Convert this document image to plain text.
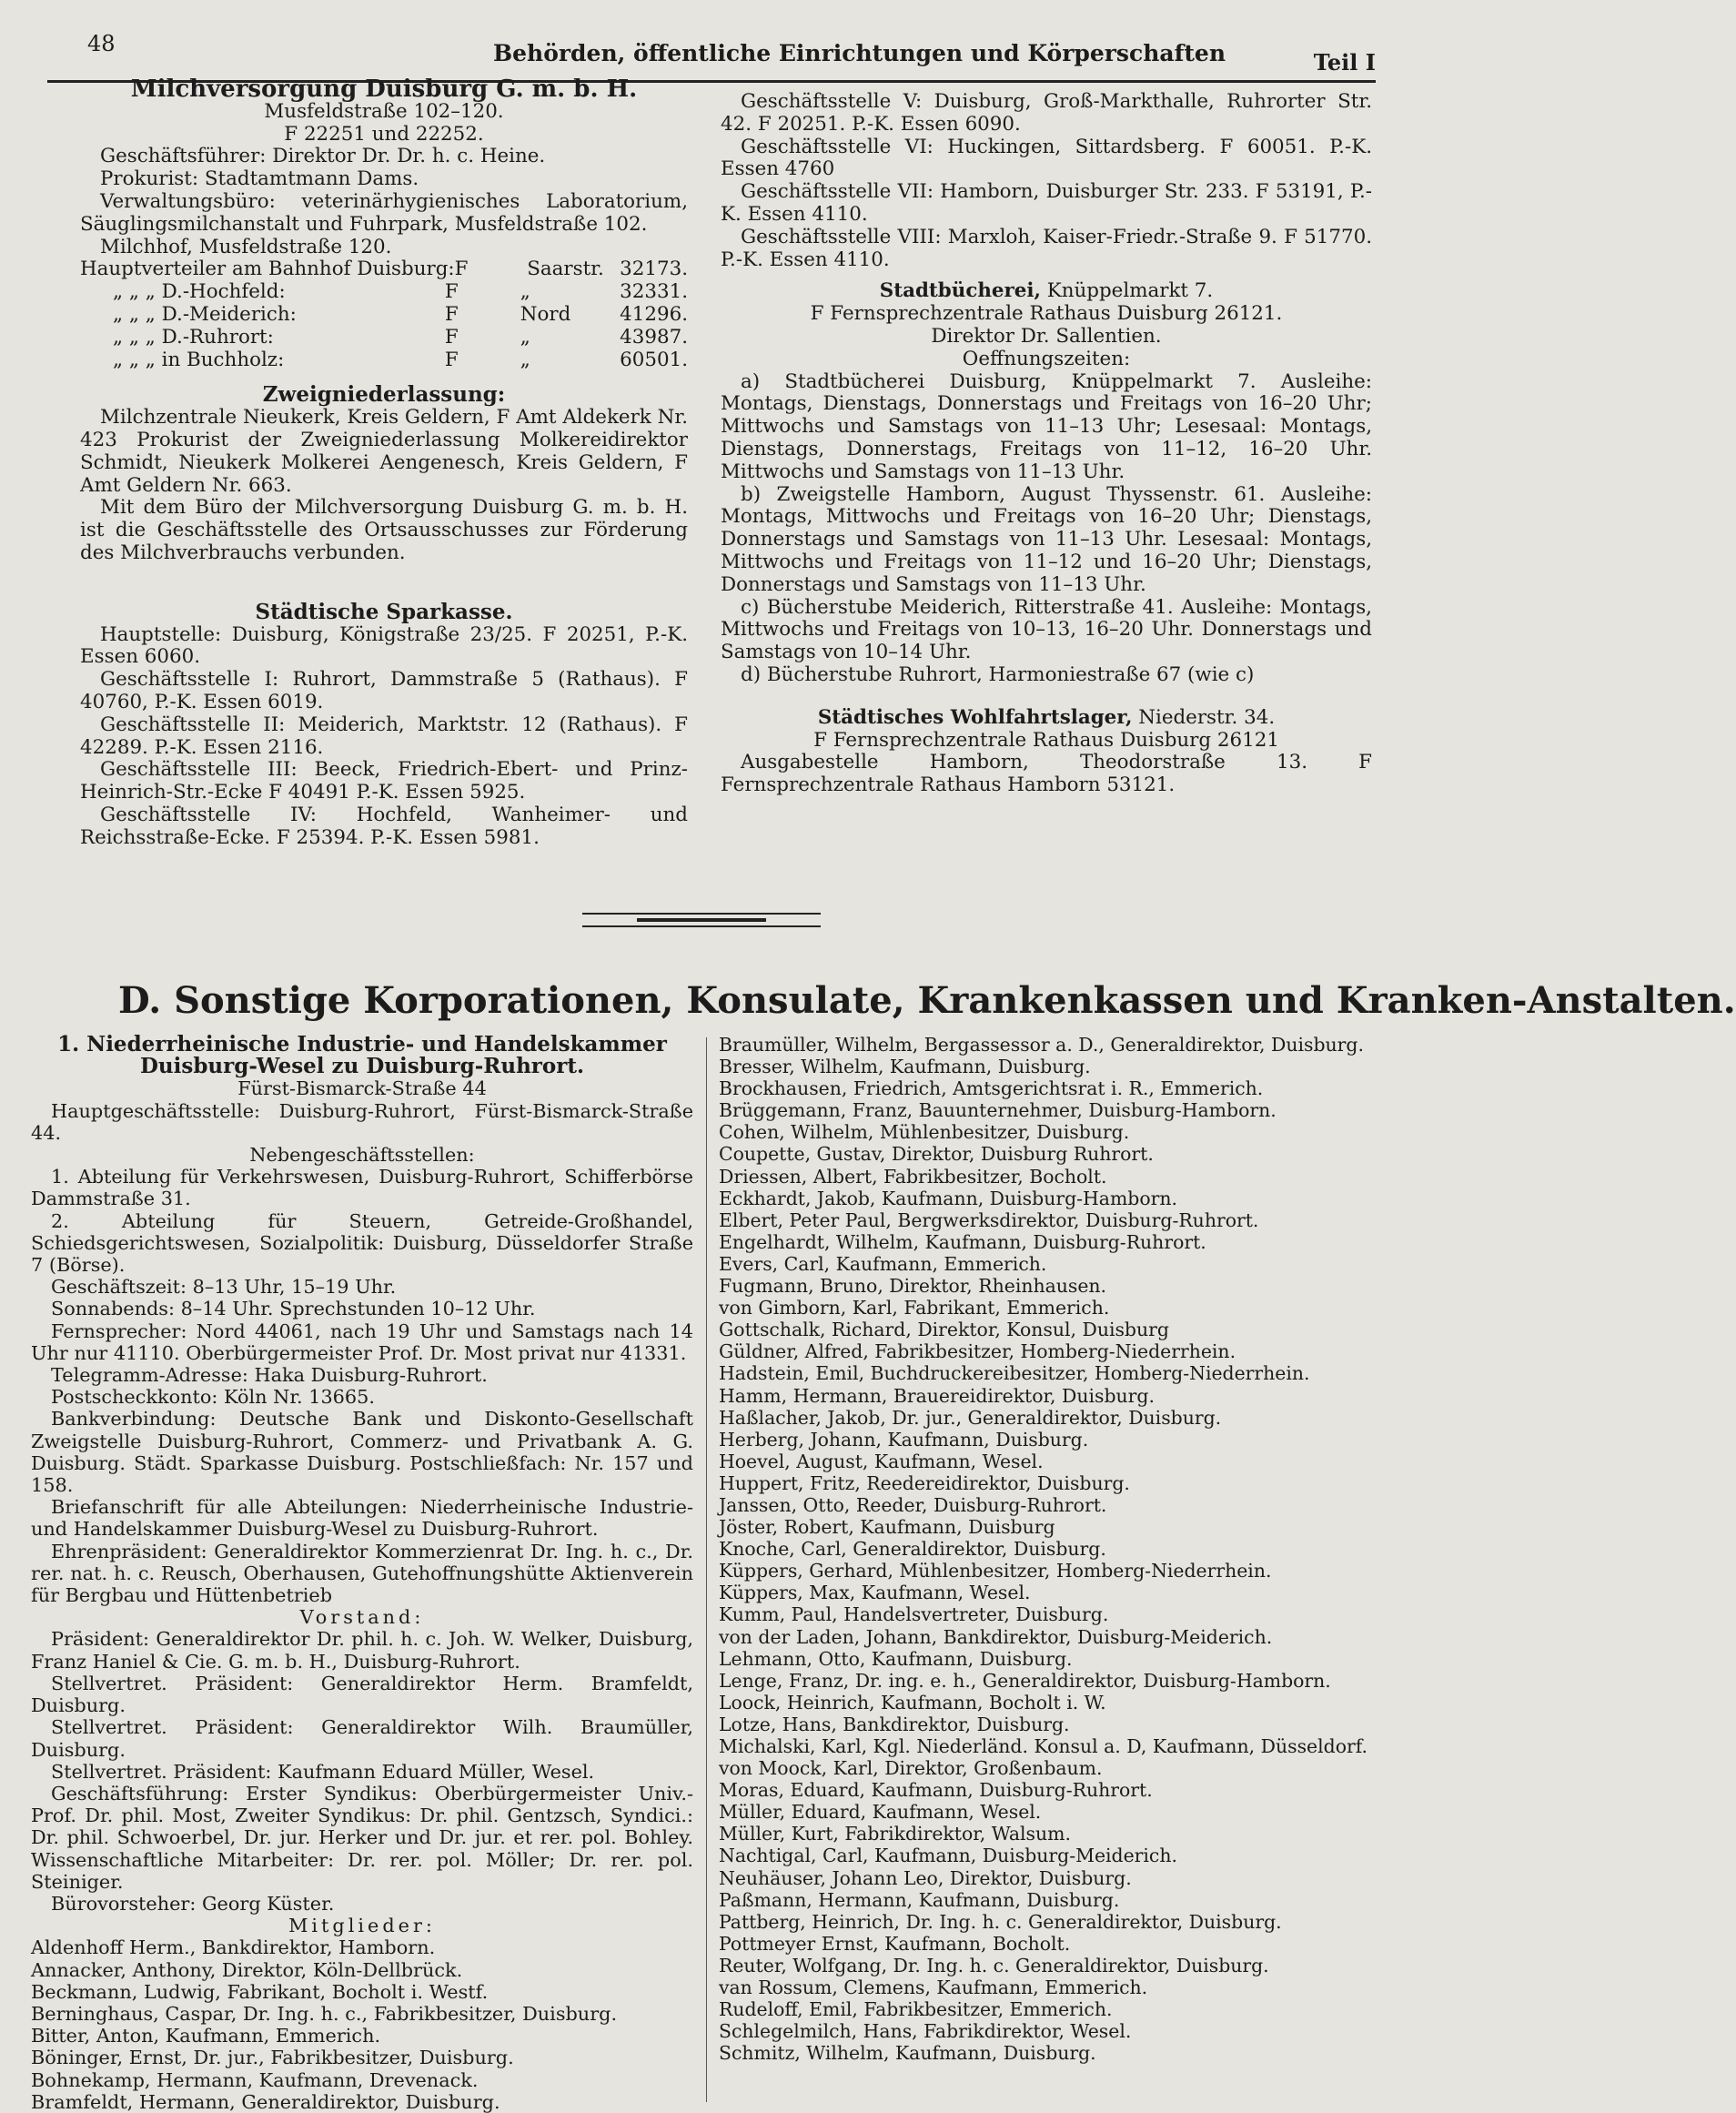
48	Behörden, öffentliche Einrichtungen und Körperschaften	Teil I

Milchversorgung Duisburg G. m. b. H.

Musfeldstraße 102–120.

F 22251 und 22252.

Geschäftsführer: Direktor Dr. Dr. h. c. Heine.

Prokurist: Stadtamtmann Dams.

Verwaltungsbüro: veterinärhygienisches Laboratorium, Säuglingsmilchanstalt und Fuhrpark, Musfeldstraße 102.

Milchhof, Musfeldstraße 120.

Hauptverteiler am Bahnhof Duisburg: F	Saarstr. 32173.
„ „ „ D.-Hochfeld:	F	„	32331.
„ „ „ D.-Meiderich:	F	Nord	41296.
„ „ „ D.-Ruhrort:	F	„	43987.
„ „ „ in Buchholz:	F	„	60501.

Zweigniederlassung:

Milchzentrale Nieukerk, Kreis Geldern, F Amt Aldekerk Nr. 423 Prokurist der Zweigniederlassung Molkereidirektor Schmidt, Nieukerk Molkerei Aengenesch, Kreis Geldern, F Amt Geldern Nr. 663.

Mit dem Büro der Milchversorgung Duisburg G. m. b. H. ist die Geschäftsstelle des Ortsausschusses zur Förderung des Milchverbrauchs verbunden.

Städtische Sparkasse.

Hauptstelle: Duisburg, Königstraße 23/25. F 20251, P.-K. Essen 6060.

Geschäftsstelle I: Ruhrort, Dammstraße 5 (Rathaus). F 40760, P.-K. Essen 6019.

Geschäftsstelle II: Meiderich, Marktstr. 12 (Rathaus). F 42289. P.-K. Essen 2116.

Geschäftsstelle III: Beeck, Friedrich-Ebert- und Prinz-Heinrich-Str.-Ecke F 40491 P.-K. Essen 5925.

Geschäftsstelle IV: Hochfeld, Wanheimer- und Reichsstraße-Ecke. F 25394. P.-K. Essen 5981.

Geschäftsstelle V: Duisburg, Groß-Markthalle, Ruhrorter Str. 42. F 20251. P.-K. Essen 6090.

Geschäftsstelle VI: Huckingen, Sittardsberg. F 60051. P.-K. Essen 4760

Geschäftsstelle VII: Hamborn, Duisburger Str. 233. F 53191, P.-K. Essen 4110.

Geschäftsstelle VIII: Marxloh, Kaiser-Friedr.-Straße 9. F 51770. P.-K. Essen 4110.

Stadtbücherei, Knüppelmarkt 7.

F Fernsprechzentrale Rathaus Duisburg 26121.

Direktor Dr. Sallentien.

Oeffnungszeiten:

a) Stadtbücherei Duisburg, Knüppelmarkt 7. Ausleihe: Montags, Dienstags, Donnerstags und Freitags von 16–20 Uhr; Mittwochs und Samstags von 11–13 Uhr; Lesesaal: Montags, Dienstags, Donnerstags, Freitags von 11–12, 16–20 Uhr. Mittwochs und Samstags von 11–13 Uhr.

b) Zweigstelle Hamborn, August Thyssenstr. 61. Ausleihe: Montags, Mittwochs und Freitags von 16–20 Uhr; Dienstags, Donnerstags und Samstags von 11–13 Uhr. Lesesaal: Montags, Mittwochs und Freitags von 11–12 und 16–20 Uhr; Dienstags, Donnerstags und Samstags von 11–13 Uhr.

c) Bücherstube Meiderich, Ritterstraße 41. Ausleihe: Montags, Mittwochs und Freitags von 10–13, 16–20 Uhr. Donnerstags und Samstags von 10–14 Uhr.

d) Bücherstube Ruhrort, Harmoniestraße 67 (wie c)

Städtisches Wohlfahrtslager, Niederstr. 34.

F Fernsprechzentrale Rathaus Duisburg 26121

Ausgabestelle Hamborn, Theodorstraße 13. F Fernsprechzentrale Rathaus Hamborn 53121.

D. Sonstige Korporationen, Konsulate, Krankenkassen und Kranken-Anstalten.

1. Niederrheinische Industrie- und Handelskammer

Duisburg-Wesel zu Duisburg-Ruhrort.

Fürst-Bismarck-Straße 44

Hauptgeschäftsstelle: Duisburg-Ruhrort, Fürst-Bismarck-Straße 44.

Nebengeschäftsstellen:

1. Abteilung für Verkehrswesen, Duisburg-Ruhrort, Schifferbörse Dammstraße 31.

2. Abteilung für Steuern, Getreide-Großhandel, Schiedsgerichtswesen, Sozialpolitik: Duisburg, Düsseldorfer Straße 7 (Börse).

Geschäftszeit: 8–13 Uhr, 15–19 Uhr.

Sonnabends: 8–14 Uhr. Sprechstunden 10–12 Uhr.

Fernsprecher: Nord 44061, nach 19 Uhr und Samstags nach 14 Uhr nur 41110. Oberbürgermeister Prof. Dr. Most privat nur 41331.

Telegramm-Adresse: Haka Duisburg-Ruhrort.

Postscheckkonto: Köln Nr. 13665.

Bankverbindung: Deutsche Bank und Diskonto-Gesellschaft Zweigstelle Duisburg-Ruhrort, Commerz- und Privatbank A. G. Duisburg. Städt. Sparkasse Duisburg. Postschließfach: Nr. 157 und 158.

Briefanschrift für alle Abteilungen: Niederrheinische Industrie- und Handelskammer Duisburg-Wesel zu Duisburg-Ruhrort.

Ehrenpräsident: Generaldirektor Kommerzienrat Dr. Ing. h. c., Dr. rer. nat. h. c. Reusch, Oberhausen, Gutehoffnungshütte Aktienverein für Bergbau und Hüttenbetrieb

Vorstand:

Präsident: Generaldirektor Dr. phil. h. c. Joh. W. Welker, Duisburg, Franz Haniel & Cie. G. m. b. H., Duisburg-Ruhrort.

Stellvertret. Präsident: Generaldirektor Herm. Bramfeldt, Duisburg.

Stellvertret. Präsident: Generaldirektor Wilh. Braumüller, Duisburg.

Stellvertret. Präsident: Kaufmann Eduard Müller, Wesel.

Geschäftsführung: Erster Syndikus: Oberbürgermeister Univ.-Prof. Dr. phil. Most, Zweiter Syndikus: Dr. phil. Gentzsch, Syndici.: Dr. phil. Schwoerbel, Dr. jur. Herker und Dr. jur. et rer. pol. Bohley. Wissenschaftliche Mitarbeiter: Dr. rer. pol. Möller; Dr. rer. pol. Steiniger.

Bürovorsteher: Georg Küster.

Mitglieder:

Aldenhoff Herm., Bankdirektor, Hamborn.

Annacker, Anthony, Direktor, Köln-Dellbrück.

Beckmann, Ludwig, Fabrikant, Bocholt i. Westf.

Berninghaus, Caspar, Dr. Ing. h. c., Fabrikbesitzer, Duisburg.

Bitter, Anton, Kaufmann, Emmerich.

Böninger, Ernst, Dr. jur., Fabrikbesitzer, Duisburg.

Bohnekamp, Hermann, Kaufmann, Drevenack.

Bramfeldt, Hermann, Generaldirektor, Duisburg.

Braumüller, Wilhelm, Bergassessor a. D., Generaldirektor, Duisburg.

Bresser, Wilhelm, Kaufmann, Duisburg.

Brockhausen, Friedrich, Amtsgerichtsrat i. R., Emmerich.

Brüggemann, Franz, Bauunternehmer, Duisburg-Hamborn.

Cohen, Wilhelm, Mühlenbesitzer, Duisburg.

Coupette, Gustav, Direktor, Duisburg Ruhrort.

Driessen, Albert, Fabrikbesitzer, Bocholt.

Eckhardt, Jakob, Kaufmann, Duisburg-Hamborn.

Elbert, Peter Paul, Bergwerksdirektor, Duisburg-Ruhrort.

Engelhardt, Wilhelm, Kaufmann, Duisburg-Ruhrort.

Evers, Carl, Kaufmann, Emmerich.

Fugmann, Bruno, Direktor, Rheinhausen.

von Gimborn, Karl, Fabrikant, Emmerich.

Gottschalk, Richard, Direktor, Konsul, Duisburg

Güldner, Alfred, Fabrikbesitzer, Homberg-Niederrhein.

Hadstein, Emil, Buchdruckereibesitzer, Homberg-Niederrhein.

Hamm, Hermann, Brauereidirektor, Duisburg.

Haßlacher, Jakob, Dr. jur., Generaldirektor, Duisburg.

Herberg, Johann, Kaufmann, Duisburg.

Hoevel, August, Kaufmann, Wesel.

Huppert, Fritz, Reedereidirektor, Duisburg.

Janssen, Otto, Reeder, Duisburg-Ruhrort.

Jöster, Robert, Kaufmann, Duisburg

Knoche, Carl, Generaldirektor, Duisburg.

Küppers, Gerhard, Mühlenbesitzer, Homberg-Niederrhein.

Küppers, Max, Kaufmann, Wesel.

Kumm, Paul, Handelsvertreter, Duisburg.

von der Laden, Johann, Bankdirektor, Duisburg-Meiderich.

Lehmann, Otto, Kaufmann, Duisburg.

Lenge, Franz, Dr. ing. e. h., Generaldirektor, Duisburg-Hamborn.

Loock, Heinrich, Kaufmann, Bocholt i. W.

Lotze, Hans, Bankdirektor, Duisburg.

Michalski, Karl, Kgl. Niederländ. Konsul a. D, Kaufmann, Düsseldorf.

von Moock, Karl, Direktor, Großenbaum.

Moras, Eduard, Kaufmann, Duisburg-Ruhrort.

Müller, Eduard, Kaufmann, Wesel.

Müller, Kurt, Fabrikdirektor, Walsum.

Nachtigal, Carl, Kaufmann, Duisburg-Meiderich.

Neuhäuser, Johann Leo, Direktor, Duisburg.

Paßmann, Hermann, Kaufmann, Duisburg.

Pattberg, Heinrich, Dr. Ing. h. c. Generaldirektor, Duisburg.

Pottmeyer Ernst, Kaufmann, Bocholt.

Reuter, Wolfgang, Dr. Ing. h. c. Generaldirektor, Duisburg.

van Rossum, Clemens, Kaufmann, Emmerich.

Rudeloff, Emil, Fabrikbesitzer, Emmerich.

Schlegelmilch, Hans, Fabrikdirektor, Wesel.

Schmitz, Wilhelm, Kaufmann, Duisburg.
